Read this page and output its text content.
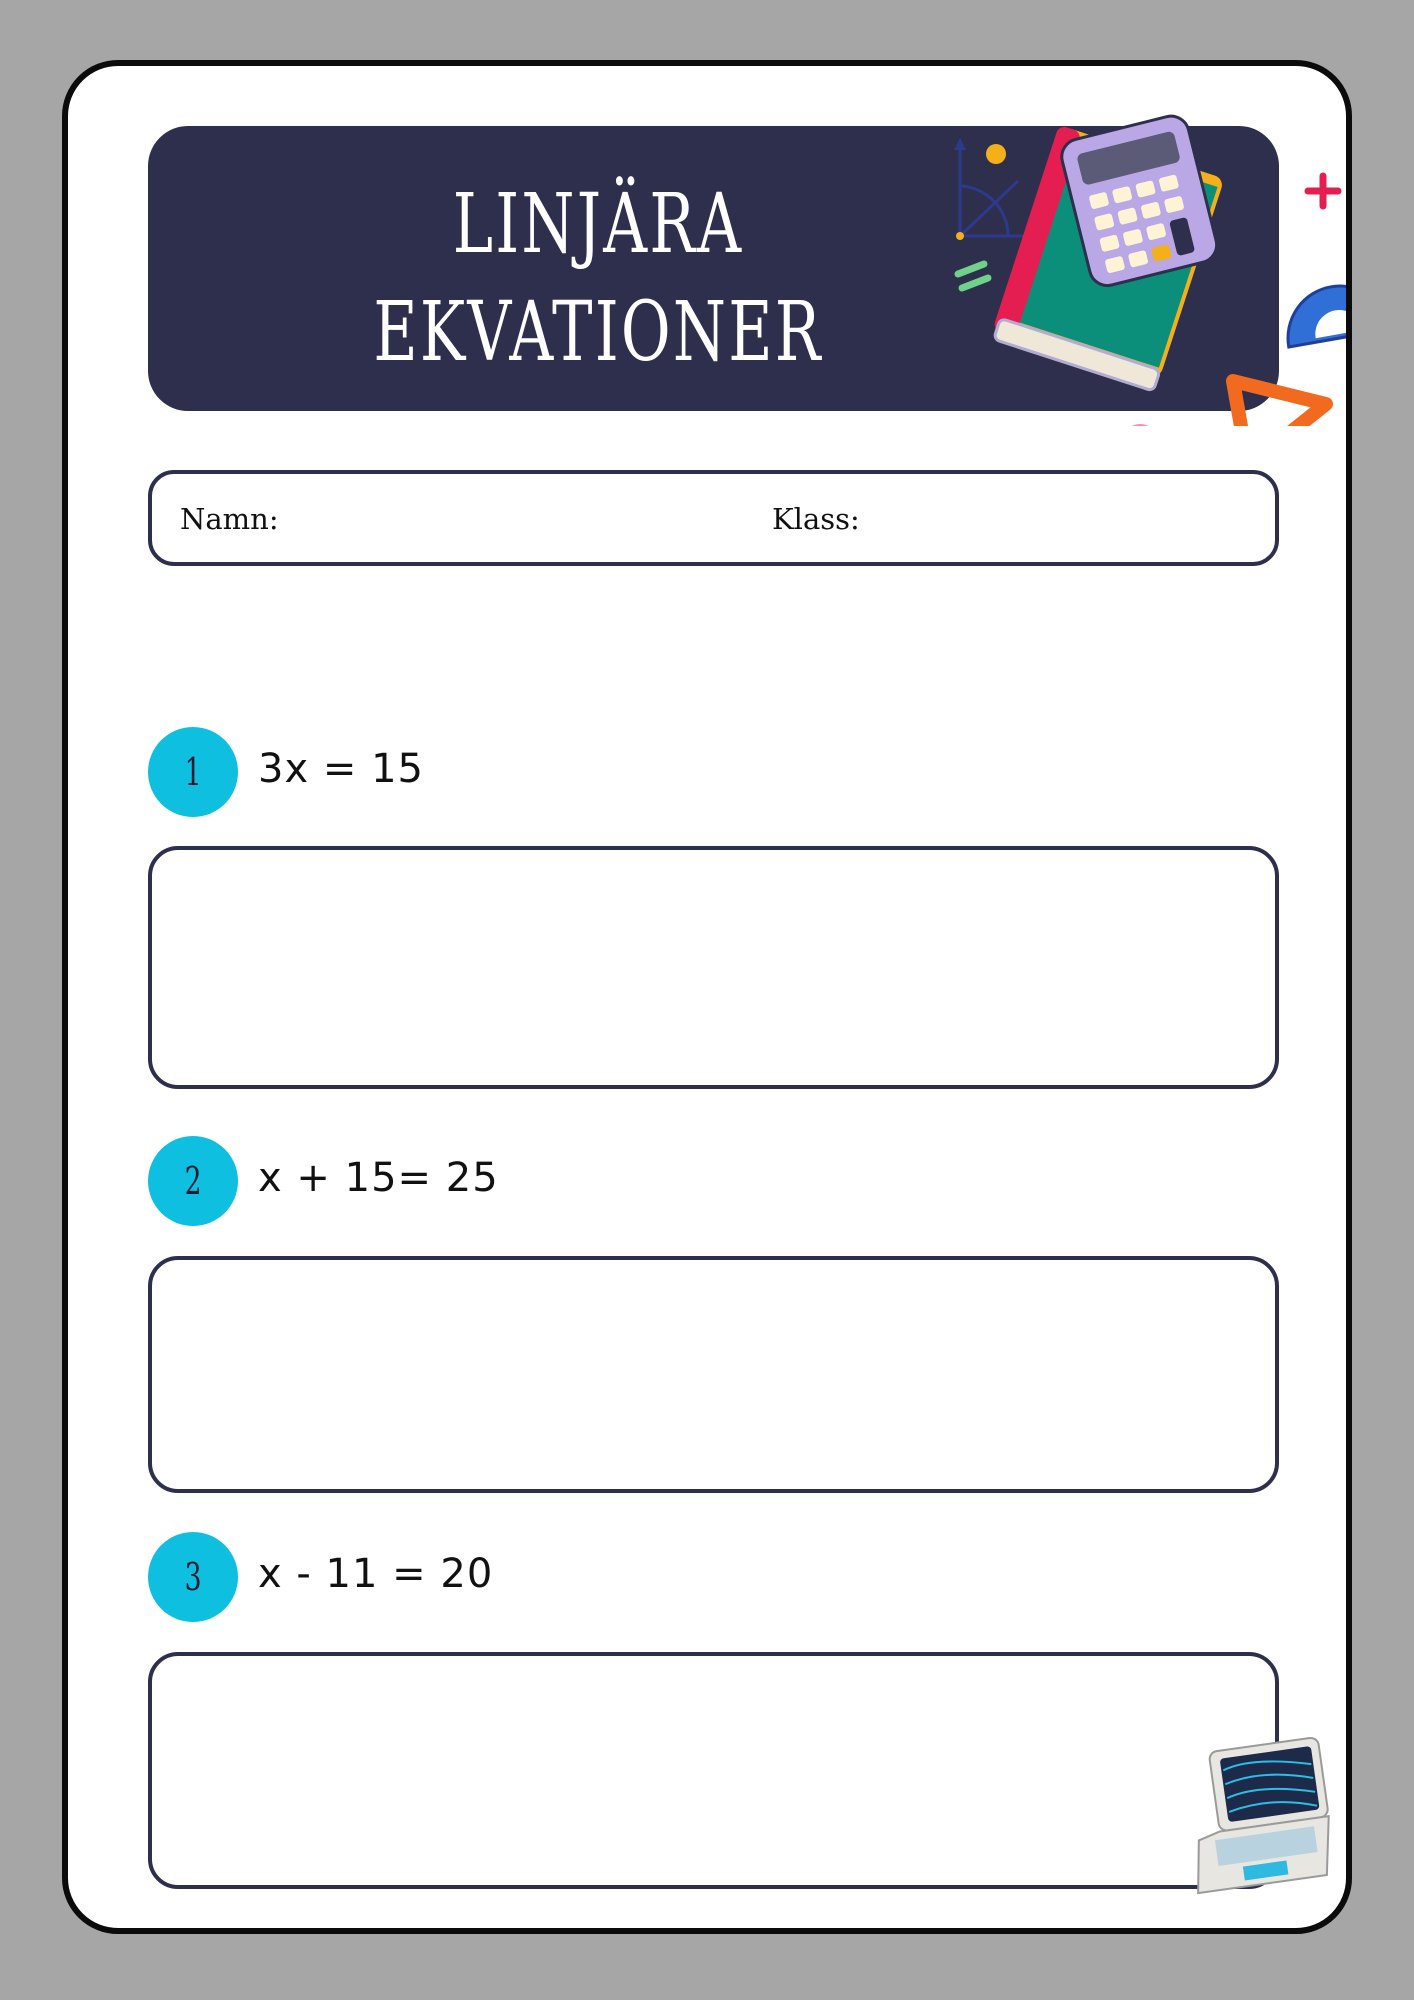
LINJÄRA
EKVATIONER
Namn:	Klass:
1 3x = 15
2 x + 15= 25
3 x - 11 = 20
